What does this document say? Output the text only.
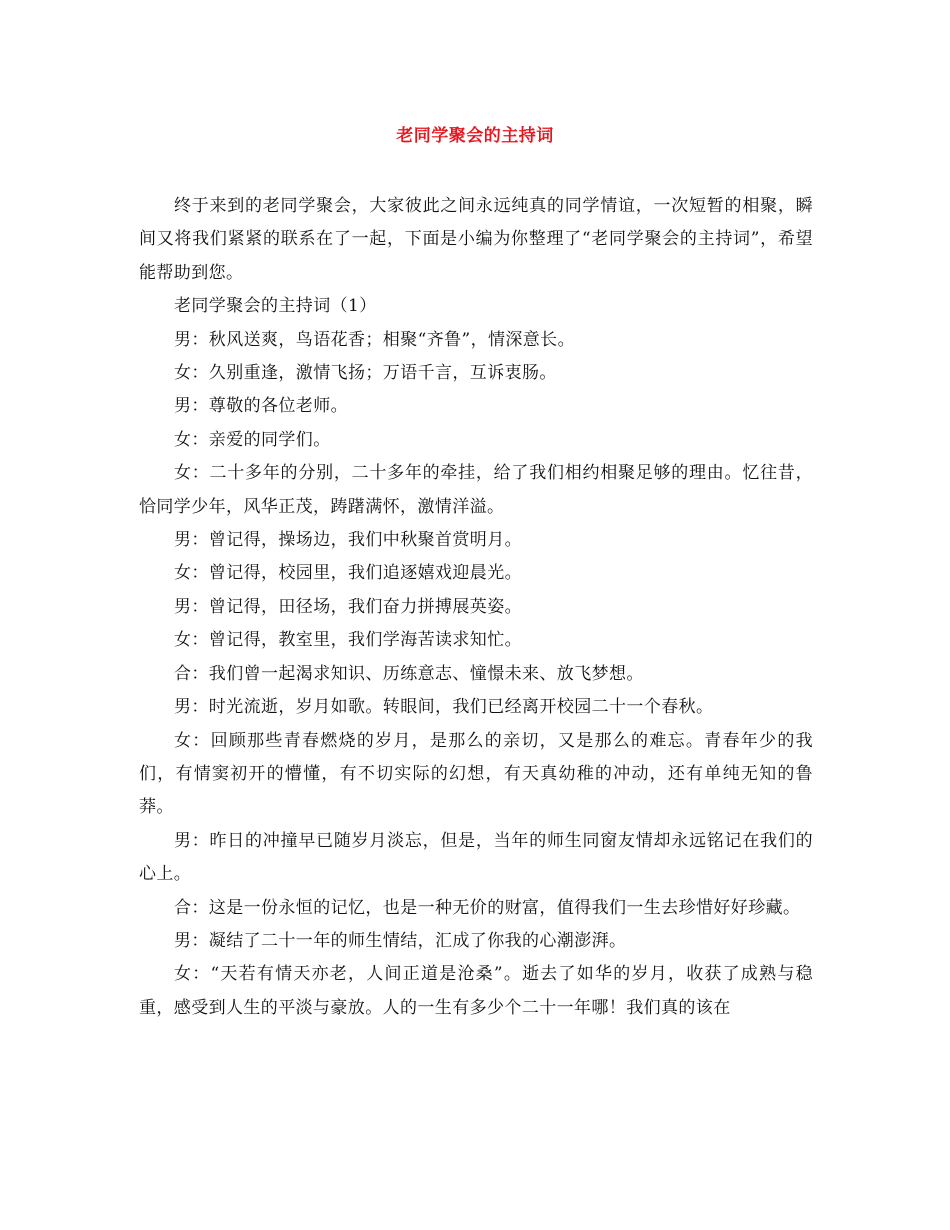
老同学聚会的主持词

终于来到的老同学聚会，大家彼此之间永远纯真的同学情谊，一次短暂的相聚，瞬间又将我们紧紧的联系在了一起，下面是小编为你整理了“老同学聚会的主持词”，希望能帮助到您。

老同学聚会的主持词（1）

男：秋风送爽，鸟语花香；相聚“齐鲁”，情深意长。

女：久别重逢，激情飞扬；万语千言，互诉衷肠。

男：尊敬的各位老师。

女：亲爱的同学们。

女：二十多年的分别，二十多年的牵挂，给了我们相约相聚足够的理由。忆往昔，恰同学少年，风华正茂，踌躇满怀，激情洋溢。

男：曾记得，操场边，我们中秋聚首赏明月。

女：曾记得，校园里，我们追逐嬉戏迎晨光。

男：曾记得，田径场，我们奋力拼搏展英姿。

女：曾记得，教室里，我们学海苦读求知忙。

合：我们曾一起渴求知识、历练意志、憧憬未来、放飞梦想。

男：时光流逝，岁月如歌。转眼间，我们已经离开校园二十一个春秋。

女：回顾那些青春燃烧的岁月，是那么的亲切，又是那么的难忘。青春年少的我们，有情窦初开的懵懂，有不切实际的幻想，有天真幼稚的冲动，还有单纯无知的鲁莽。

男：昨日的冲撞早已随岁月淡忘，但是，当年的师生同窗友情却永远铭记在我们的心上。

合：这是一份永恒的记忆，也是一种无价的财富，值得我们一生去珍惜好好珍藏。

男：凝结了二十一年的师生情结，汇成了你我的心潮澎湃。

女：“天若有情天亦老，人间正道是沧桑”。逝去了如华的岁月，收获了成熟与稳重，感受到人生的平淡与豪放。人的一生有多少个二十一年哪！我们真的该在
